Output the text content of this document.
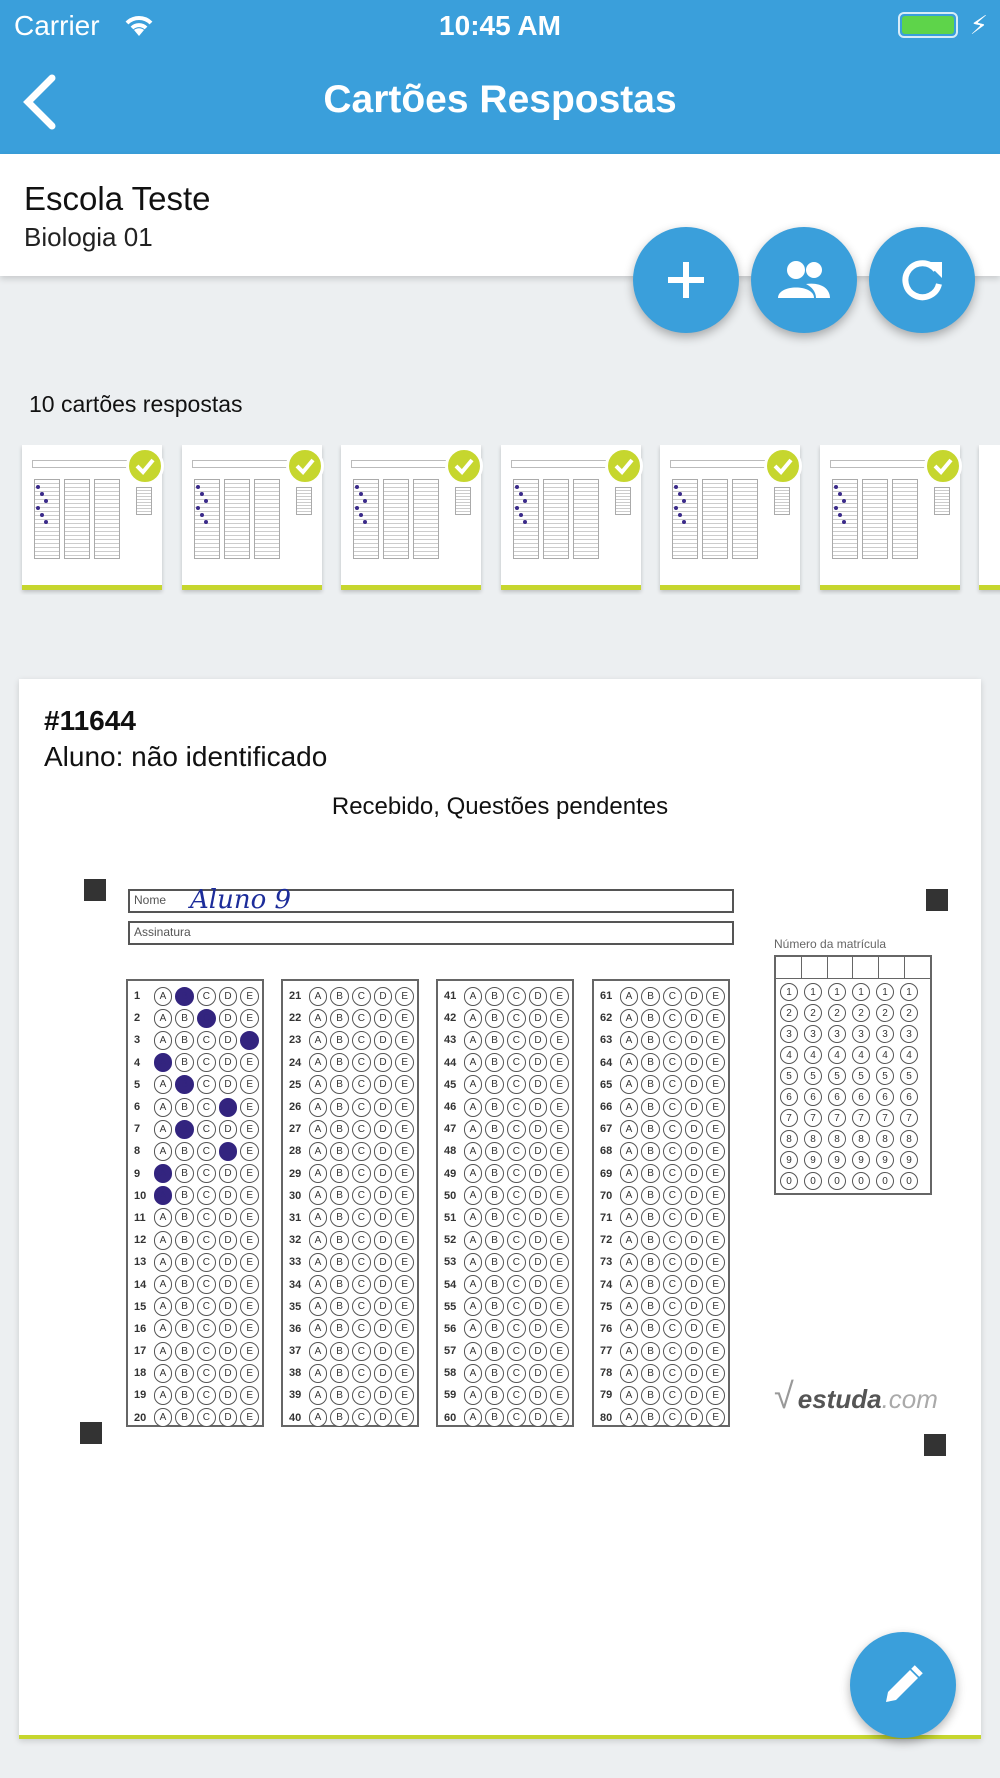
Carrier	10:45 AM	⚡
Cartões Respostas
Escola Teste
Biologia 01
10 cartões respostas
#11644
Aluno: não identificado
Recebido, Questões pendentes
Nome Aluno 9
Assinatura
Número da matrícula
1	1	1	1	1	1
2	2	2	2	2	2
3	3	3	3	3	3
4	4	4	4	4	4
5	5	5	5	5	5
6	6	6	6	6	6
7	7	7	7	7	7
8	8	8	8	8	8
9	9	9	9	9	9
0	0	0	0	0	0
√ estuda.com
1	A	B	C	D	E
2	A	B	C	D	E
3	A	B	C	D	E
4	A	B	C	D	E
5	A	B	C	D	E
6	A	B	C	D	E
7	A	B	C	D	E
8	A	B	C	D	E
9	A	B	C	D	E
10	A	B	C	D	E
11	A	B	C	D	E
12	A	B	C	D	E
13	A	B	C	D	E
14	A	B	C	D	E
15	A	B	C	D	E
16	A	B	C	D	E
17	A	B	C	D	E
18	A	B	C	D	E
19	A	B	C	D	E
20	A	B	C	D	E
21	A	B	C	D	E
22	A	B	C	D	E
23	A	B	C	D	E
24	A	B	C	D	E
25	A	B	C	D	E
26	A	B	C	D	E
27	A	B	C	D	E
28	A	B	C	D	E
29	A	B	C	D	E
30	A	B	C	D	E
31	A	B	C	D	E
32	A	B	C	D	E
33	A	B	C	D	E
34	A	B	C	D	E
35	A	B	C	D	E
36	A	B	C	D	E
37	A	B	C	D	E
38	A	B	C	D	E
39	A	B	C	D	E
40	A	B	C	D	E
41	A	B	C	D	E
42	A	B	C	D	E
43	A	B	C	D	E
44	A	B	C	D	E
45	A	B	C	D	E
46	A	B	C	D	E
47	A	B	C	D	E
48	A	B	C	D	E
49	A	B	C	D	E
50	A	B	C	D	E
51	A	B	C	D	E
52	A	B	C	D	E
53	A	B	C	D	E
54	A	B	C	D	E
55	A	B	C	D	E
56	A	B	C	D	E
57	A	B	C	D	E
58	A	B	C	D	E
59	A	B	C	D	E
60	A	B	C	D	E
61	A	B	C	D	E
62	A	B	C	D	E
63	A	B	C	D	E
64	A	B	C	D	E
65	A	B	C	D	E
66	A	B	C	D	E
67	A	B	C	D	E
68	A	B	C	D	E
69	A	B	C	D	E
70	A	B	C	D	E
71	A	B	C	D	E
72	A	B	C	D	E
73	A	B	C	D	E
74	A	B	C	D	E
75	A	B	C	D	E
76	A	B	C	D	E
77	A	B	C	D	E
78	A	B	C	D	E
79	A	B	C	D	E
80	A	B	C	D	E
